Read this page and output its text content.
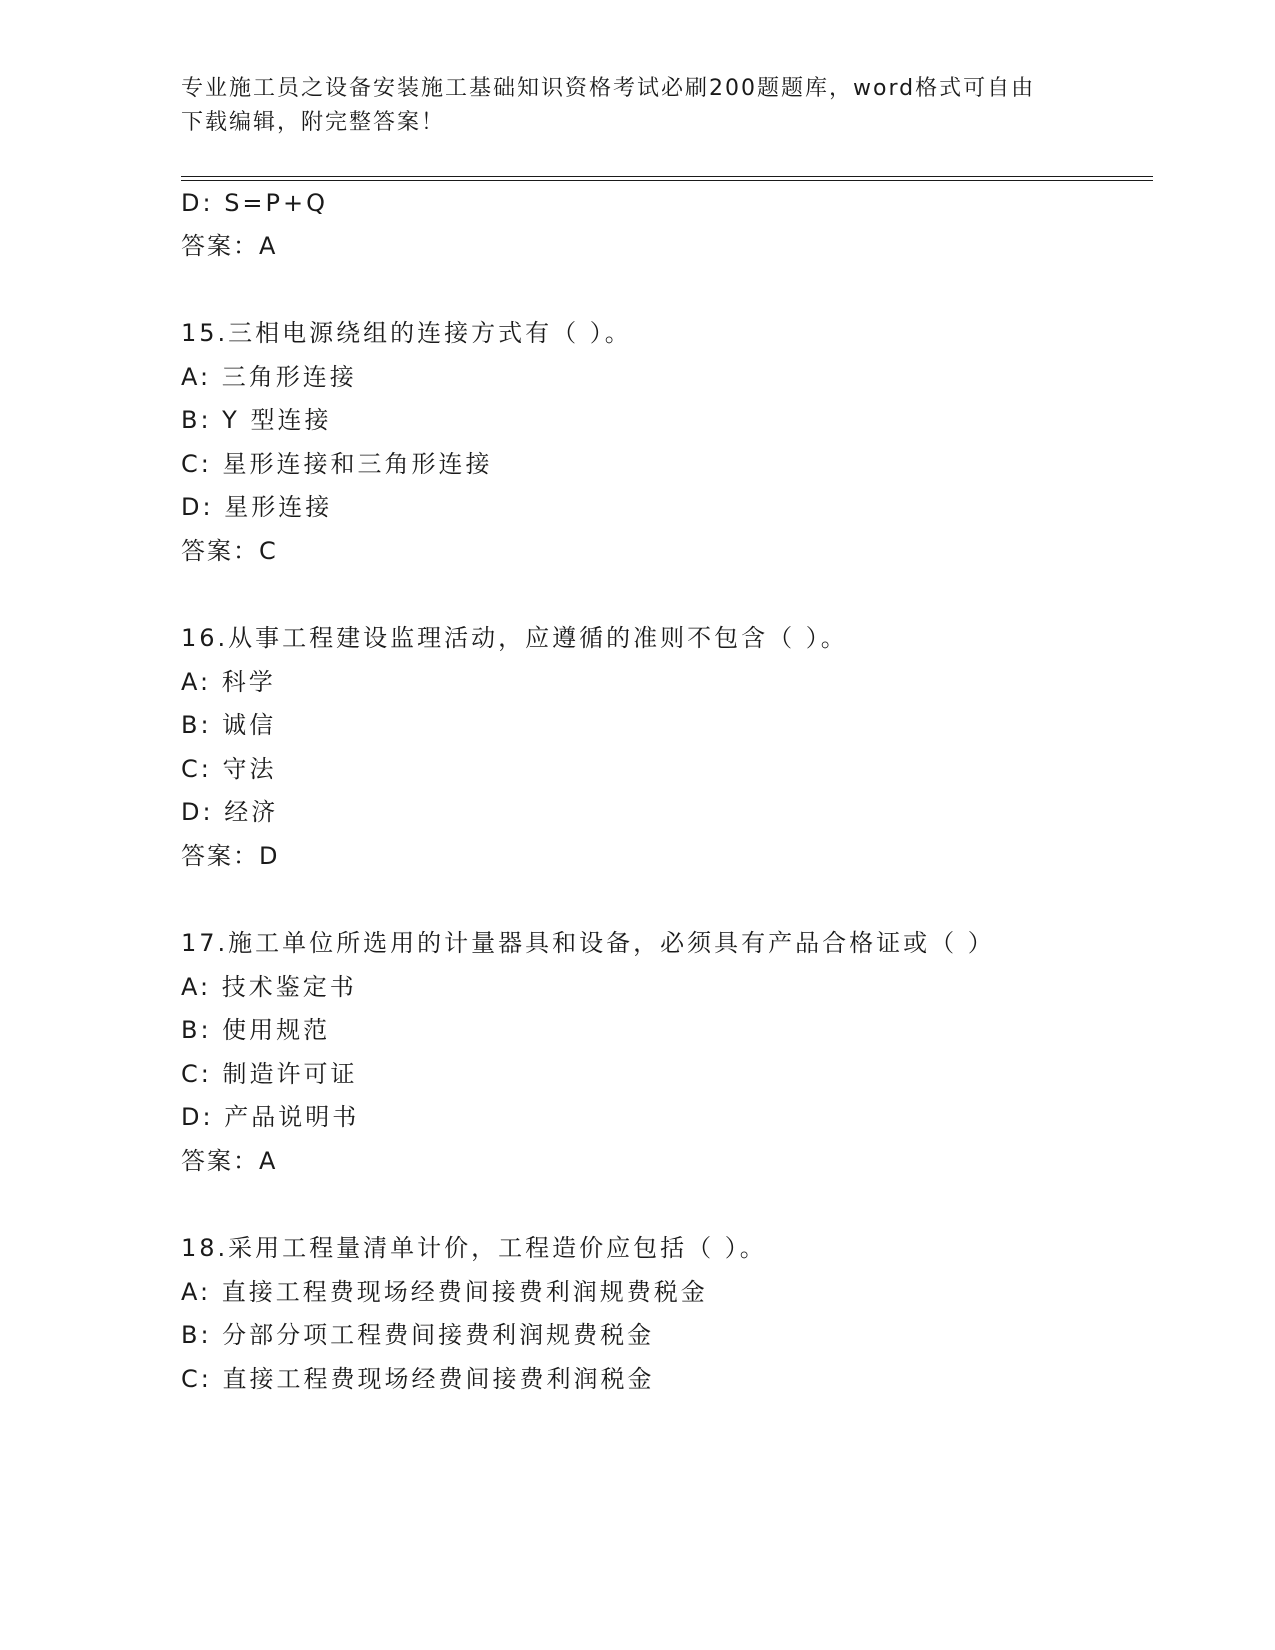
专业施工员之设备安装施工基础知识资格考试必刷200题题库，word格式可自由
下载编辑，附完整答案！
D: S=P+Q
答案：A
15.三相电源绕组的连接方式有（ ）。
A: 三角形连接
B: Y 型连接
C: 星形连接和三角形连接
D: 星形连接
答案：C
16.从事工程建设监理活动，应遵循的准则不包含（ ）。
A: 科学
B: 诚信
C: 守法
D: 经济
答案：D
17.施工单位所选用的计量器具和设备，必须具有产品合格证或（ ）
A: 技术鉴定书
B: 使用规范
C: 制造许可证
D: 产品说明书
答案：A
18.采用工程量清单计价，工程造价应包括（ ）。
A: 直接工程费现场经费间接费利润规费税金
B: 分部分项工程费间接费利润规费税金
C: 直接工程费现场经费间接费利润税金
